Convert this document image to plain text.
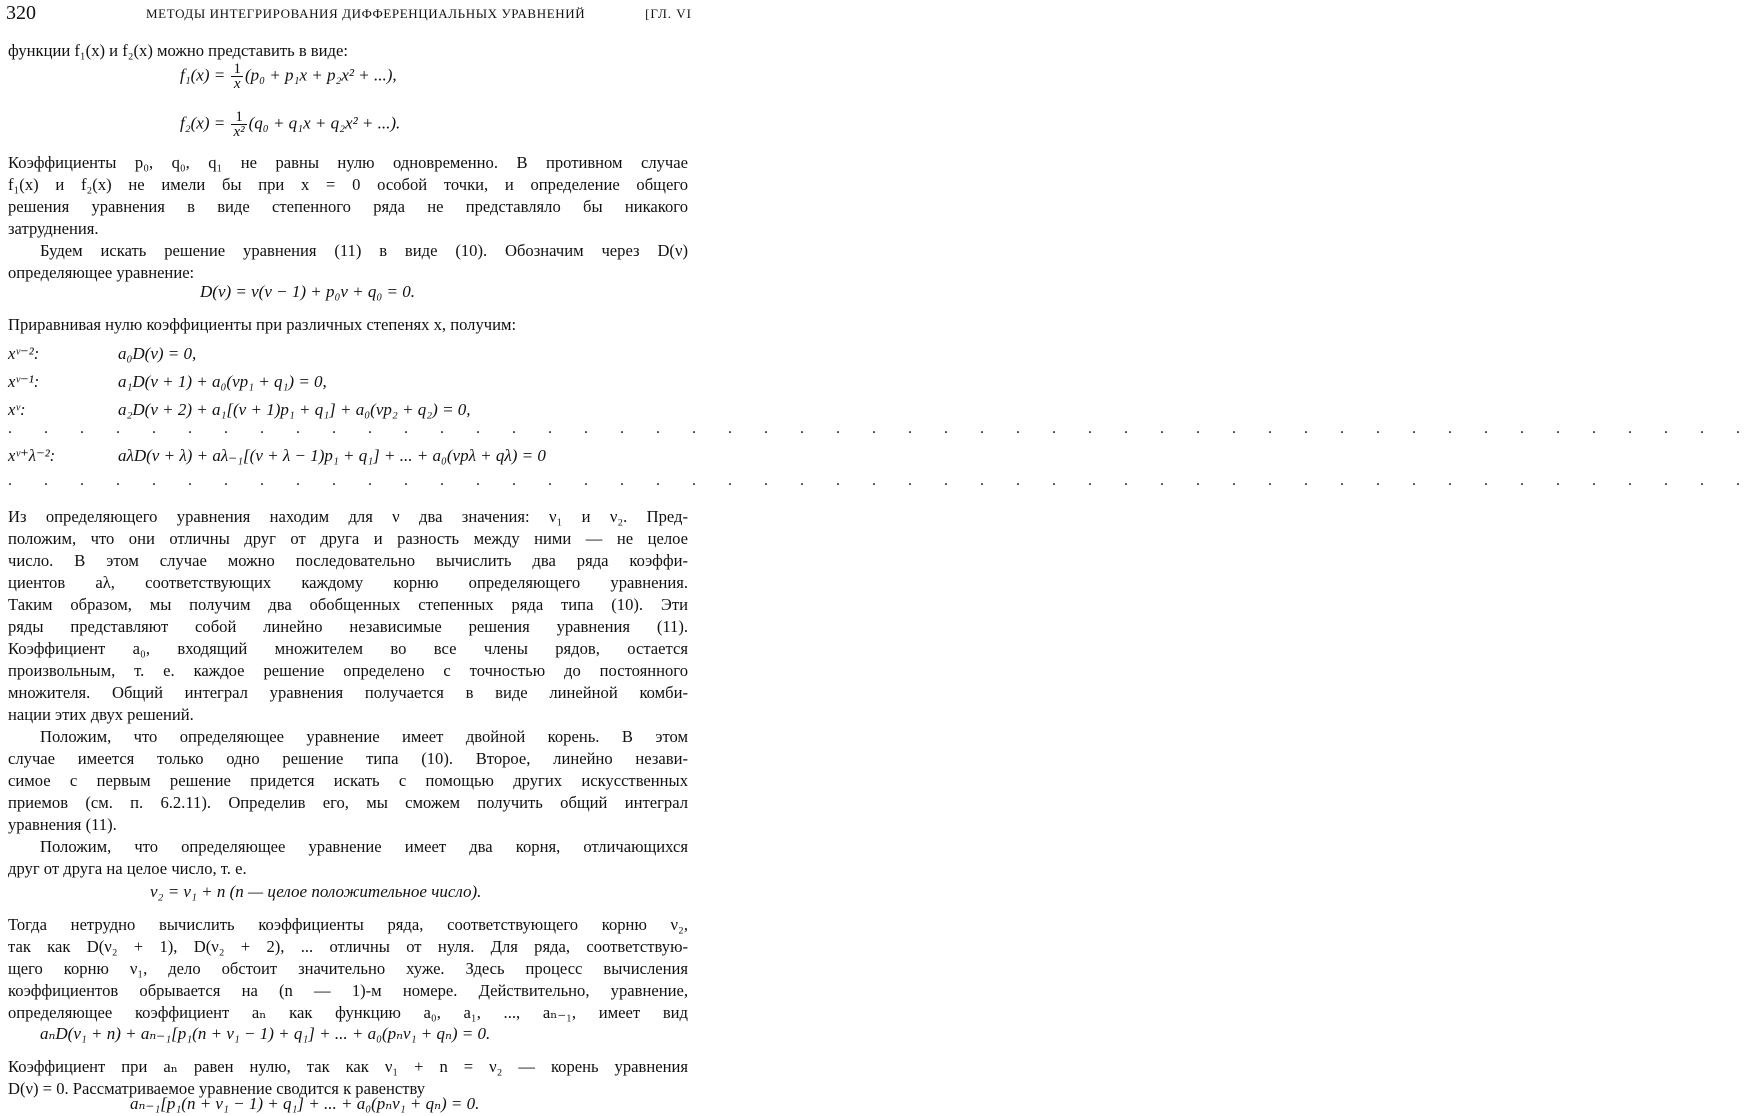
320	МЕТОДЫ ИНТЕГРИРОВАНИЯ ДИФФЕРЕНЦИАЛЬНЫХ УРАВНЕНИЙ	[ГЛ. VI
функции f₁(x) и f₂(x) можно представить в виде:
$f_1(x) = \frac{1}{x} (p_0 + p_1x + p_2x^2$ + ...),
$f_2(x) = \frac{1}{\text{x²}} (q_0 + q_1x + q_2x^2$ + ...).
Коэффициенты p₀, q₀, q₁ не равны нулю одновременно. В противном случае
f₁(x) и f₂(x) не имели бы при x = 0 особой точки, и определение общего
решения уравнения в виде степенного ряда не представляло бы никакого
затруднения.
Будем искать решение уравнения (11) в виде (10). Обозначим через D(ν)
определяющее уравнение:
D(ν) = ν(ν − 1) + p₀ν + q₀ = 0.
Приравнивая нулю коэффициенты при различных степенях x, получим:
xᵛ⁻²:	a₀D(ν) = 0,
xᵛ⁻¹:	a₁D(ν + 1) + a₀(νp₁ + q₁) = 0,
xᵛ:	a₂D(ν + 2) + a₁[(ν + 1)p₁ + q₁] + a₀(νp₂ + q₂) = 0,
. . . . . . . . . . . . . . . . . . . . . . . . . . . . . . . . . . . . . . . . . . . . . . . . .
xᵛ⁺λ⁻²:	aλD(ν + λ) + aλ₋₁[(ν + λ − 1)p₁ + q₁] + ... + a₀(νpλ + qλ) = 0
. . . . . . . . . . . . . . . . . . . . . . . . . . . . . . . . . . . . . . . . . . . . . . . . .
Из определяющего уравнения находим для ν два значения: ν₁ и ν₂. Пред-
положим, что они отличны друг от друга и разность между ними — не целое
число. В этом случае можно последовательно вычислить два ряда коэффи-
циентов aλ, соответствующих каждому корню определяющего уравнения.
Таким образом, мы получим два обобщенных степенных ряда типа (10). Эти
ряды представляют собой линейно независимые решения уравнения (11).
Коэффициент a₀, входящий множителем во все члены рядов, остается
произвольным, т. е. каждое решение определено с точностью до постоянного
множителя. Общий интеграл уравнения получается в виде линейной комби-
нации этих двух решений.
Положим, что определяющее уравнение имеет двойной корень. В этом
случае имеется только одно решение типа (10). Второе, линейно незави-
симое с первым решение придется искать с помощью других искусственных
приемов (см. п. 6.2.11). Определив его, мы сможем получить общий интеграл
уравнения (11).
Положим, что определяющее уравнение имеет два корня, отличающихся
друг от друга на целое число, т. е.
ν₂ = ν₁ + n (n — целое положительное число).
Тогда нетрудно вычислить коэффициенты ряда, соответствующего корню ν₂,
так как D(ν₂ + 1), D(ν₂ + 2), ... отличны от нуля. Для ряда, соответствую-
щего корню ν₁, дело обстоит значительно хуже. Здесь процесс вычисления
коэффициентов обрывается на (n — 1)-м номере. Действительно, уравнение,
определяющее коэффициент aₙ как функцию a₀, a₁, ..., aₙ₋₁, имеет вид
aₙD(ν₁ + n) + aₙ₋₁[p₁(n + ν₁ − 1) + q₁] + ... + a₀(pₙν₁ + qₙ) = 0.
Коэффициент при aₙ равен нулю, так как ν₁ + n = ν₂ — корень уравнения
D(ν) = 0. Рассматриваемое уравнение сводится к равенству
aₙ₋₁[p₁(n + ν₁ − 1) + q₁] + ... + a₀(pₙν₁ + qₙ) = 0.
